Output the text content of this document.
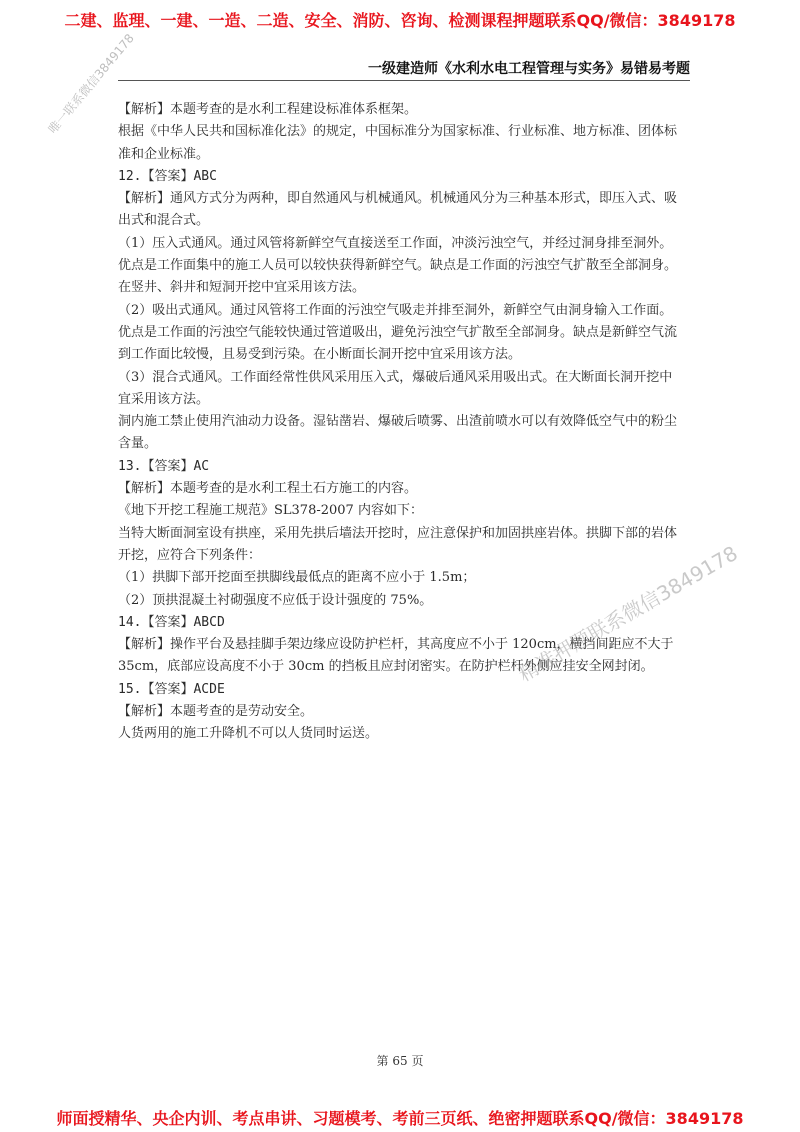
二建、监理、一建、一造、二造、安全、消防、咨询、检测课程押题联系QQ/微信：3849178
一级建造师《水利水电工程管理与实务》易错易考题

【解析】本题考查的是水利工程建设标准体系框架。

根据《中华人民共和国标准化法》的规定，中国标准分为国家标准、行业标准、地方标准、团体标准和企业标准。

12.【答案】ABC

【解析】通风方式分为两种，即自然通风与机械通风。机械通风分为三种基本形式，即压入式、吸出式和混合式。

（1）压入式通风。通过风管将新鲜空气直接送至工作面，冲淡污浊空气，并经过洞身排至洞外。优点是工作面集中的施工人员可以较快获得新鲜空气。缺点是工作面的污浊空气扩散至全部洞身。在竖井、斜井和短洞开挖中宜采用该方法。

（2）吸出式通风。通过风管将工作面的污浊空气吸走并排至洞外，新鲜空气由洞身输入工作面。优点是工作面的污浊空气能较快通过管道吸出，避免污浊空气扩散至全部洞身。缺点是新鲜空气流到工作面比较慢，且易受到污染。在小断面长洞开挖中宜采用该方法。

（3）混合式通风。工作面经常性供风采用压入式，爆破后通风采用吸出式。在大断面长洞开挖中宜采用该方法。

洞内施工禁止使用汽油动力设备。湿钻凿岩、爆破后喷雾、出渣前喷水可以有效降低空气中的粉尘含量。

13.【答案】AC

【解析】本题考查的是水利工程土石方施工的内容。

《地下开挖工程施工规范》SL378-2007 内容如下：

当特大断面洞室设有拱座，采用先拱后墙法开挖时，应注意保护和加固拱座岩体。拱脚下部的岩体开挖，应符合下列条件：

（1）拱脚下部开挖面至拱脚线最低点的距离不应小于 1.5m；

（2）顶拱混凝土衬砌强度不应低于设计强度的 75%。

14.【答案】ABCD

【解析】操作平台及悬挂脚手架边缘应设防护栏杆，其高度应不小于 120cm，横挡间距应不大于 35cm，底部应设高度不小于 30cm 的挡板且应封闭密实。在防护栏杆外侧应挂安全网封闭。

15.【答案】ACDE

【解析】本题考查的是劳动安全。

人货两用的施工升降机不可以人货同时运送。

唯一联系微信3849178
精准押题联系微信3849178
第 65 页
师面授精华、央企内训、考点串讲、习题模考、考前三页纸、绝密押题联系QQ/微信：3849178
